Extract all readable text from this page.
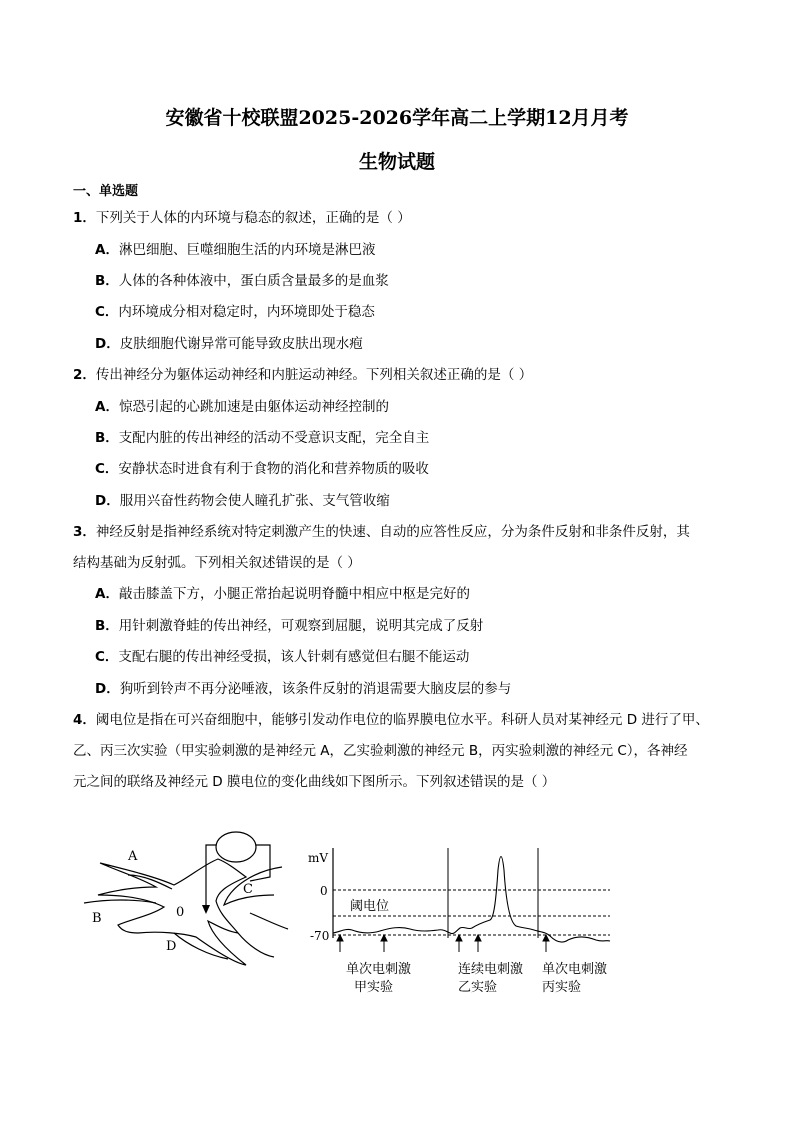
安徽省十校联盟2025-2026学年高二上学期12月月考
生物试题
一、单选题
1．下列关于人体的内环境与稳态的叙述，正确的是（ ）
A．淋巴细胞、巨噬细胞生活的内环境是淋巴液
B．人体的各种体液中，蛋白质含量最多的是血浆
C．内环境成分相对稳定时，内环境即处于稳态
D．皮肤细胞代谢异常可能导致皮肤出现水疱
2．传出神经分为躯体运动神经和内脏运动神经。下列相关叙述正确的是（ ）
A．惊恐引起的心跳加速是由躯体运动神经控制的
B．支配内脏的传出神经的活动不受意识支配，完全自主
C．安静状态时进食有利于食物的消化和营养物质的吸收
D．服用兴奋性药物会使人瞳孔扩张、支气管收缩
3．神经反射是指神经系统对特定刺激产生的快速、自动的应答性反应，分为条件反射和非条件反射，其
结构基础为反射弧。下列相关叙述错误的是（ ）
A．敲击膝盖下方，小腿正常抬起说明脊髓中相应中枢是完好的
B．用针刺激脊蛙的传出神经，可观察到屈腿，说明其完成了反射
C．支配右腿的传出神经受损，该人针刺有感觉但右腿不能运动
D．狗听到铃声不再分泌唾液，该条件反射的消退需要大脑皮层的参与
4．阈电位是指在可兴奋细胞中，能够引发动作电位的临界膜电位水平。科研人员对某神经元 D 进行了甲、
乙、丙三次实验（甲实验刺激的是神经元 A，乙实验刺激的神经元 B，丙实验刺激的神经元 C），各神经
元之间的联络及神经元 D 膜电位的变化曲线如下图所示。下列叙述错误的是（ ）
A
B
C
D
0
mV
0
-70
阈电位
单次电刺激
甲实验
连续电刺激
乙实验
单次电刺激
丙实验
